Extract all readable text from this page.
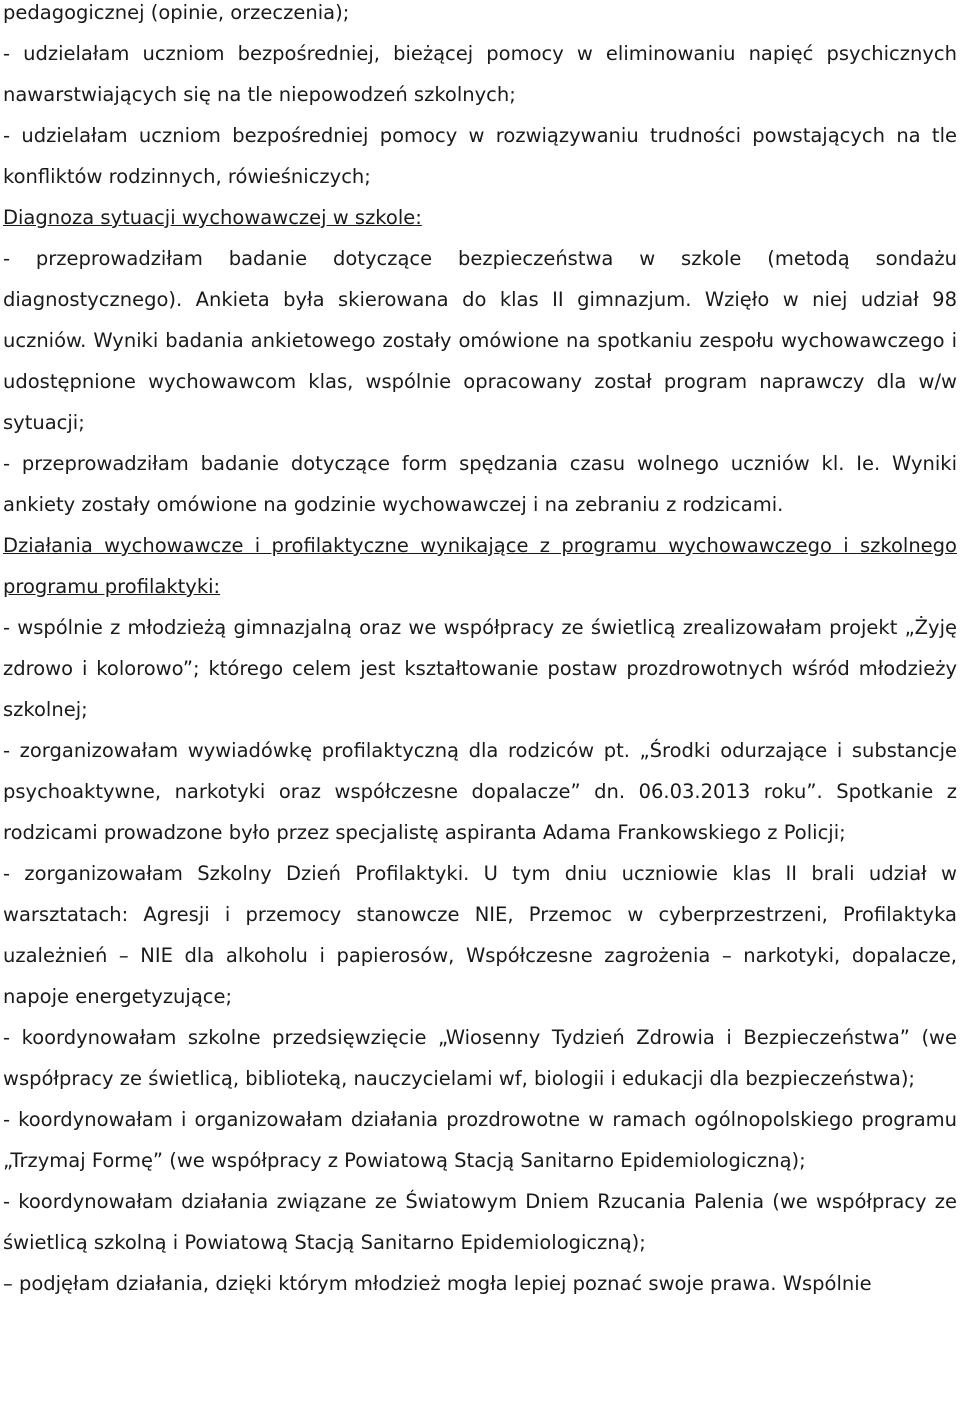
pedagogicznej (opinie, orzeczenia);

- udzielałam uczniom bezpośredniej, bieżącej pomocy w eliminowaniu napięć psychicznych nawarstwiających się na tle niepowodzeń szkolnych;

- udzielałam uczniom bezpośredniej pomocy w rozwiązywaniu trudności powstających na tle konfliktów rodzinnych, rówieśniczych;

Diagnoza sytuacji wychowawczej w szkole:

- przeprowadziłam badanie dotyczące bezpieczeństwa w szkole (metodą sondażu diagnostycznego). Ankieta była skierowana do klas II gimnazjum. Wzięło w niej udział 98 uczniów. Wyniki badania ankietowego zostały omówione na spotkaniu zespołu wychowawczego i udostępnione wychowawcom klas, wspólnie opracowany został program naprawczy dla w/w sytuacji;

- przeprowadziłam badanie dotyczące form spędzania czasu wolnego uczniów kl. Ie. Wyniki ankiety zostały omówione na godzinie wychowawczej i na zebraniu z rodzicami.

Działania wychowawcze i profilaktyczne wynikające z programu wychowawczego i szkolnego programu profilaktyki:

- wspólnie z młodzieżą gimnazjalną oraz we współpracy ze świetlicą zrealizowałam projekt „Żyję zdrowo i kolorowo”; którego celem jest kształtowanie postaw prozdrowotnych wśród młodzieży szkolnej;

- zorganizowałam wywiadówkę profilaktyczną dla rodziców pt. „Środki odurzające i substancje psychoaktywne, narkotyki oraz współczesne dopalacze” dn. 06.03.2013 roku”. Spotkanie z rodzicami prowadzone było przez specjalistę aspiranta Adama Frankowskiego z Policji;

- zorganizowałam Szkolny Dzień Profilaktyki. U tym dniu uczniowie klas II brali udział w warsztatach: Agresji i przemocy stanowcze NIE, Przemoc w cyberprzestrzeni, Profilaktyka uzależnień – NIE dla alkoholu i papierosów, Współczesne zagrożenia – narkotyki, dopalacze, napoje energetyzujące;

- koordynowałam szkolne przedsięwzięcie „Wiosenny Tydzień Zdrowia i Bezpieczeństwa” (we współpracy ze świetlicą, biblioteką, nauczycielami wf, biologii i edukacji dla bezpieczeństwa);

- koordynowałam i organizowałam działania prozdrowotne w ramach ogólnopolskiego programu „Trzymaj Formę” (we współpracy z Powiatową Stacją Sanitarno Epidemiologiczną);

- koordynowałam działania związane ze Światowym Dniem Rzucania Palenia (we współpracy ze świetlicą szkolną i Powiatową Stacją Sanitarno Epidemiologiczną);

– podjęłam działania, dzięki którym młodzież mogła lepiej poznać swoje prawa. Wspólnie
